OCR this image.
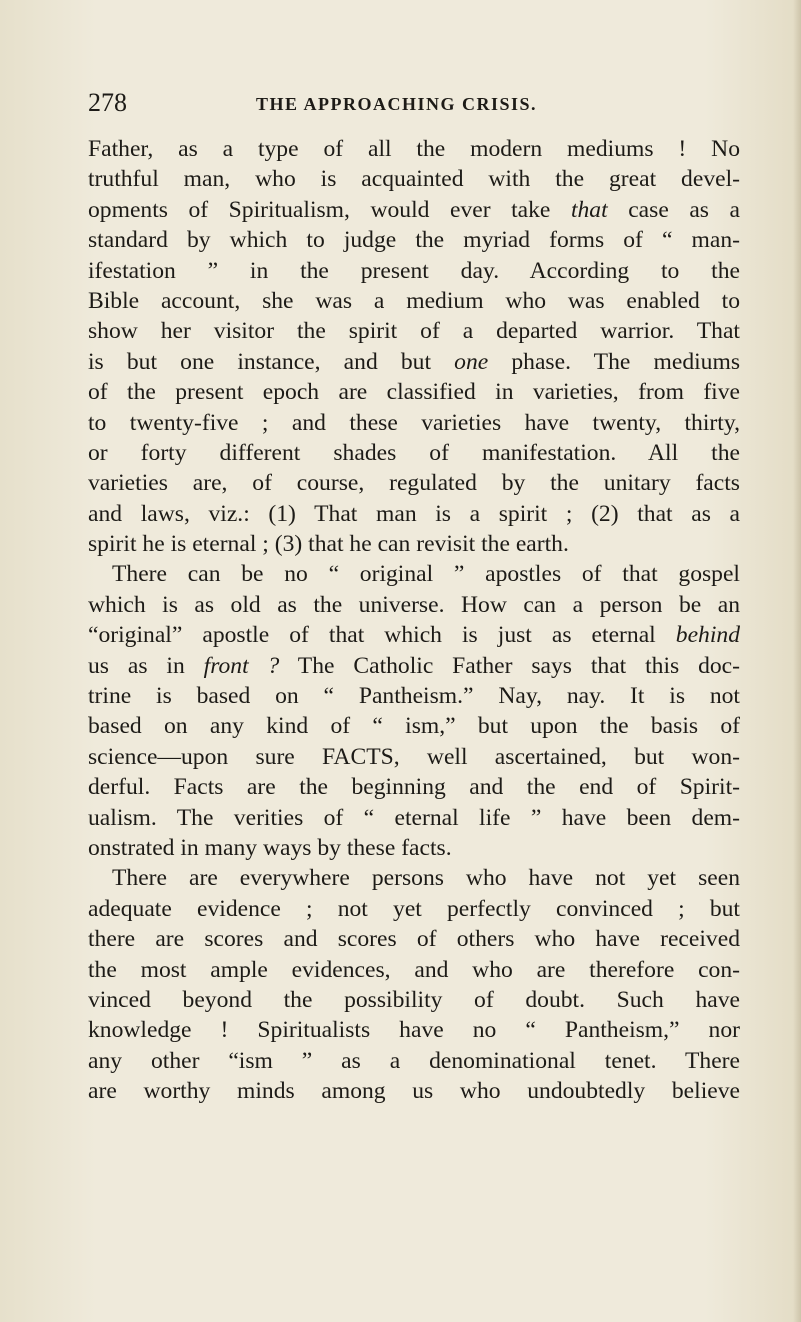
278	THE APPROACHING CRISIS.
Father, as a type of all the modern mediums ! No
truthful man, who is acquainted with the great devel-
opments of Spiritualism, would ever take that case as a
standard by which to judge the myriad forms of “ man-
ifestation ” in the present day. According to the
Bible account, she was a medium who was enabled to
show her visitor the spirit of a departed warrior. That
is but one instance, and but one phase. The mediums
of the present epoch are classified in varieties, from five
to twenty-five ; and these varieties have twenty, thirty,
or forty different shades of manifestation. All the
varieties are, of course, regulated by the unitary facts
and laws, viz.: (1) That man is a spirit ; (2) that as a
spirit he is eternal ; (3) that he can revisit the earth.
There can be no “ original ” apostles of that gospel
which is as old as the universe. How can a person be an
“original” apostle of that which is just as eternal behind
us as in front ? The Catholic Father says that this doc-
trine is based on “ Pantheism.” Nay, nay. It is not
based on any kind of “ ism,” but upon the basis of
science—upon sure FACTS, well ascertained, but won-
derful. Facts are the beginning and the end of Spirit-
ualism. The verities of “ eternal life ” have been dem-
onstrated in many ways by these facts.
There are everywhere persons who have not yet seen
adequate evidence ; not yet perfectly convinced ; but
there are scores and scores of others who have received
the most ample evidences, and who are therefore con-
vinced beyond the possibility of doubt. Such have
knowledge ! Spiritualists have no “ Pantheism,” nor
any other “ism ” as a denominational tenet. There
are worthy minds among us who undoubtedly believe
